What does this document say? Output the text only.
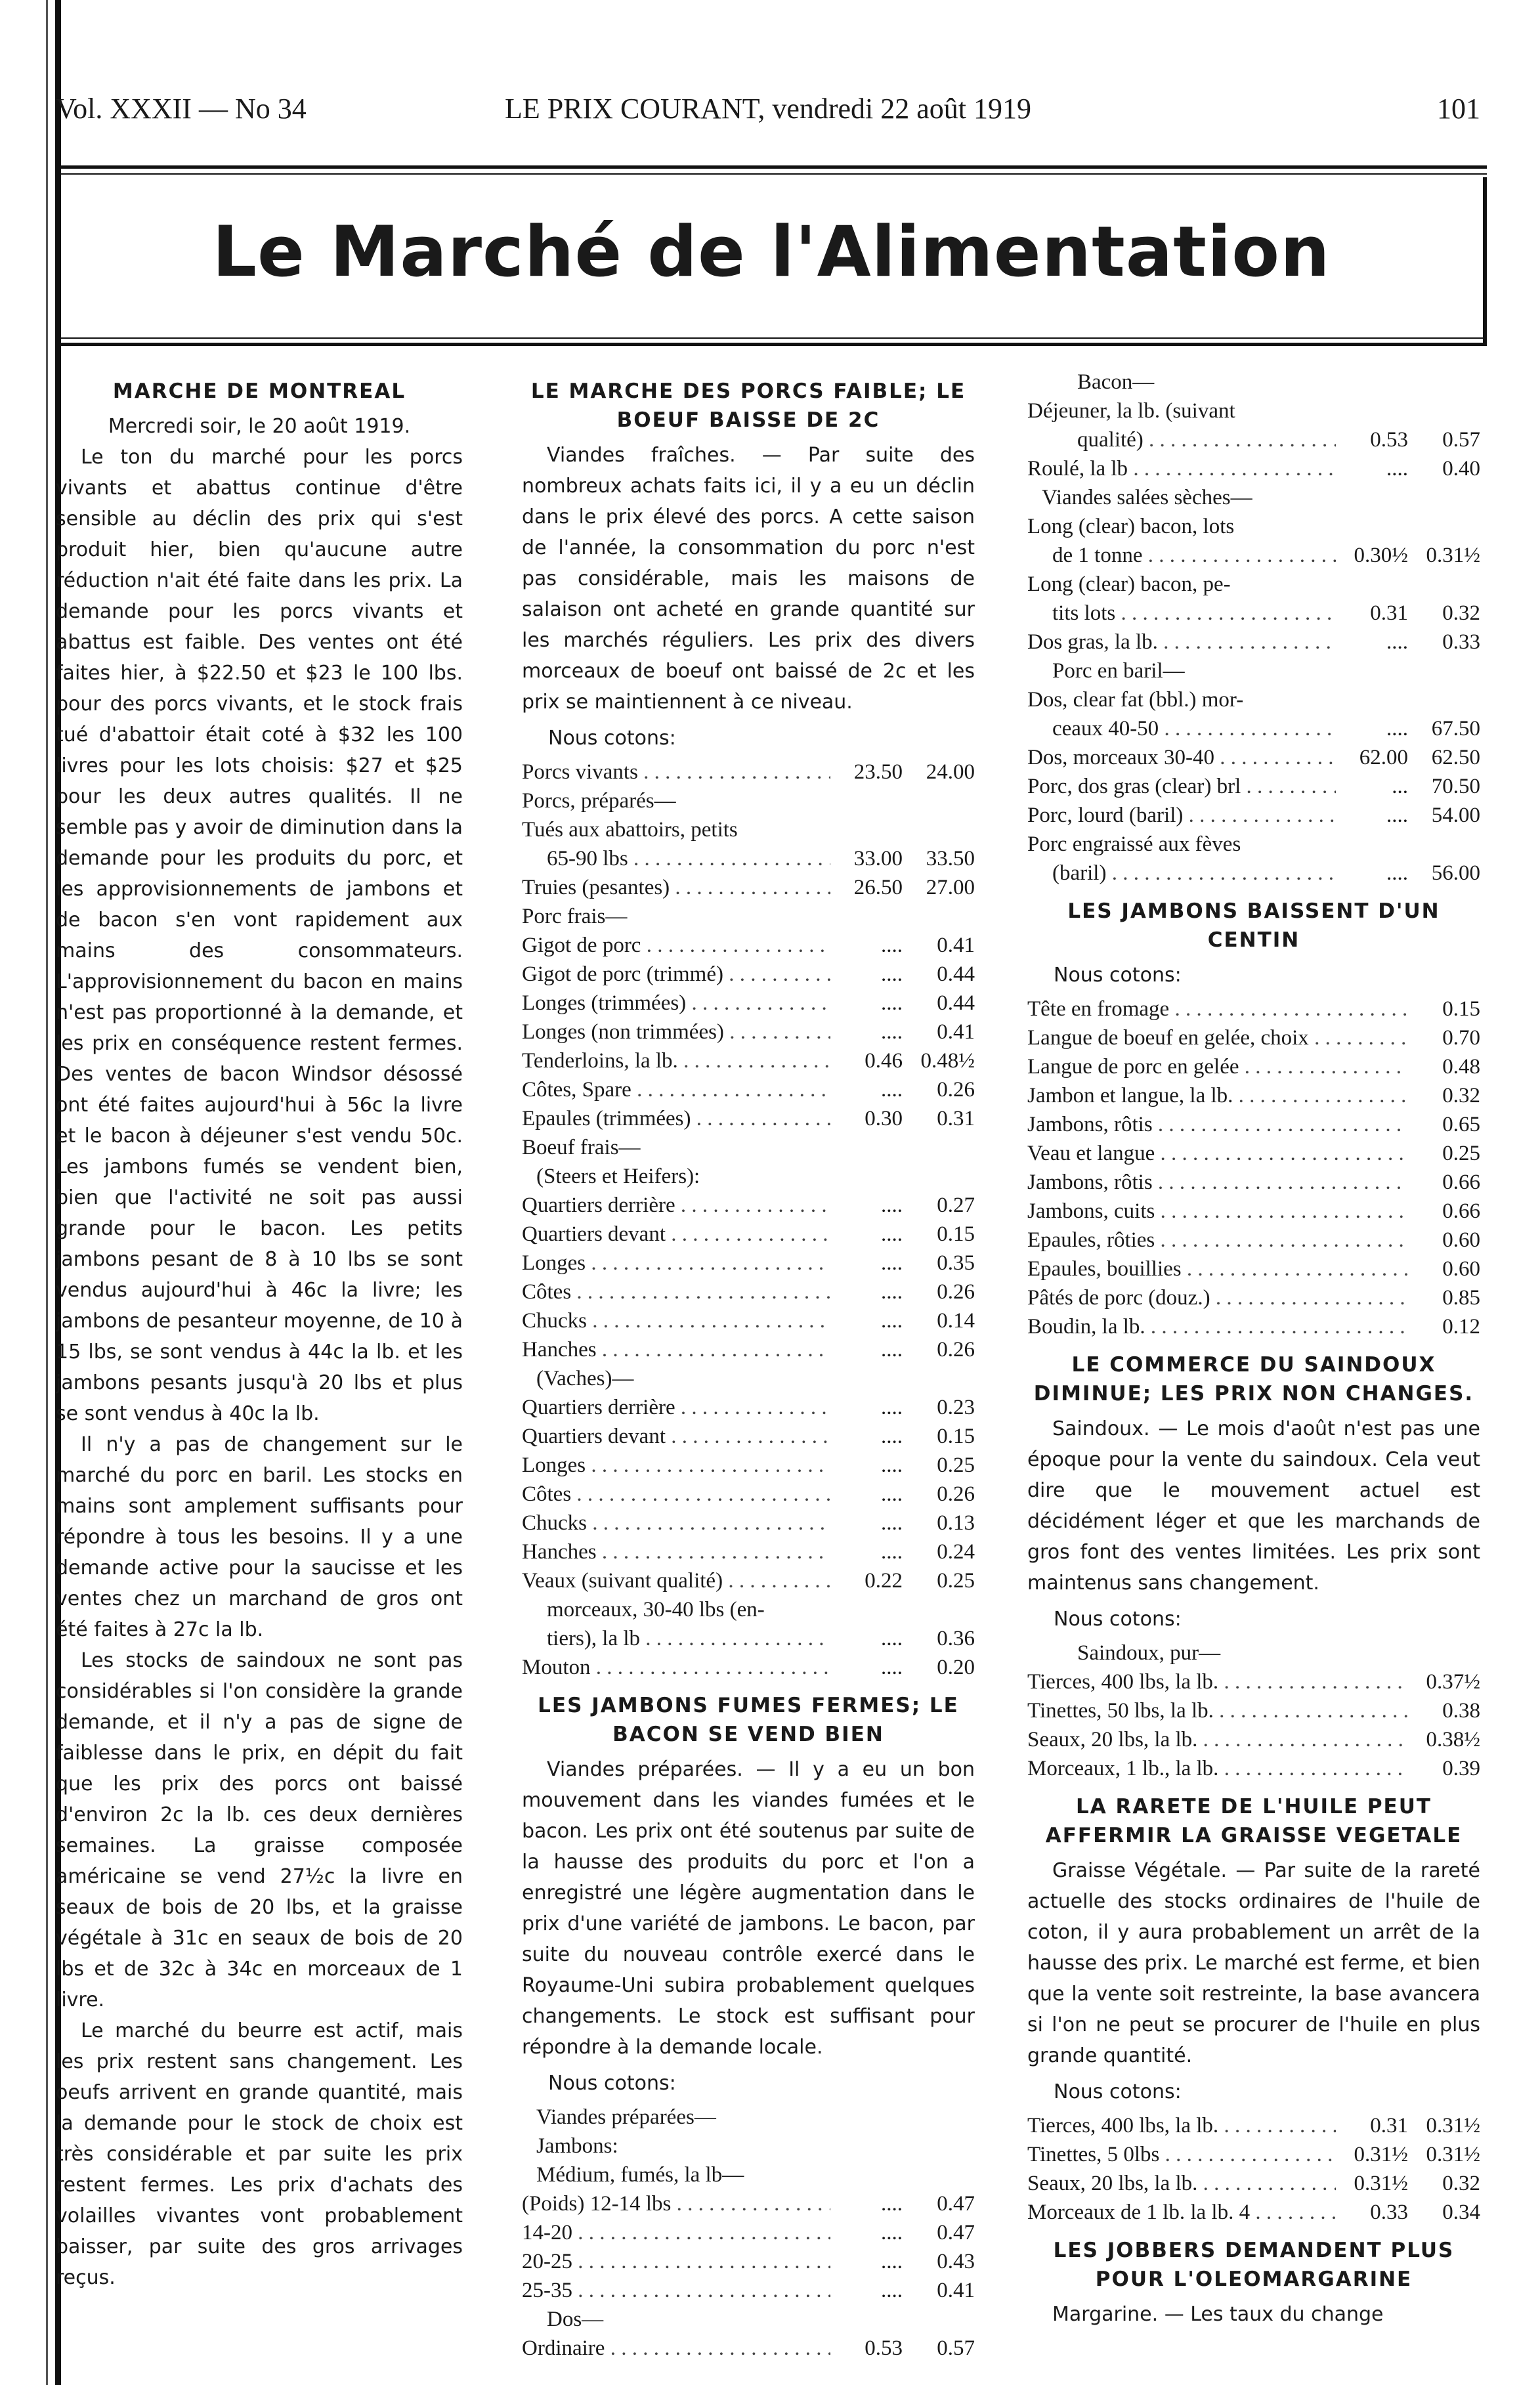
Vol. XXXII — No 34	LE PRIX COURANT, vendredi 22 août 1919	101
Le Marché de l'Alimentation
MARCHE DE MONTREAL
Mercredi soir, le 20 août 1919.

Le ton du marché pour les porcs vivants et abattus continue d'être sensible au déclin des prix qui s'est produit hier, bien qu'aucune autre réduction n'ait été faite dans les prix. La demande pour les porcs vivants et abattus est faible. Des ventes ont été faites hier, à $22.50 et $23 le 100 lbs. pour des porcs vivants, et le stock frais tué d'abattoir était coté à $32 les 100 livres pour les lots choisis: $27 et $25 pour les deux autres qualités. Il ne semble pas y avoir de diminution dans la demande pour les produits du porc, et les approvisionnements de jambons et de bacon s'en vont rapidement aux mains des consommateurs. L'approvisionnement du bacon en mains n'est pas proportionné à la demande, et les prix en conséquence restent fermes. Des ventes de bacon Windsor désossé ont été faites aujourd'hui à 56c la livre et le bacon à déjeuner s'est vendu 50c. Les jambons fumés se vendent bien, bien que l'activité ne soit pas aussi grande pour le bacon. Les petits jambons pesant de 8 à 10 lbs se sont vendus aujourd'hui à 46c la livre; les jambons de pesanteur moyenne, de 10 à 15 lbs, se sont vendus à 44c la lb. et les jambons pesants jusqu'à 20 lbs et plus se sont vendus à 40c la lb.

Il n'y a pas de changement sur le marché du porc en baril. Les stocks en mains sont amplement suffisants pour répondre à tous les besoins. Il y a une demande active pour la saucisse et les ventes chez un marchand de gros ont été faites à 27c la lb.

Les stocks de saindoux ne sont pas considérables si l'on considère la grande demande, et il n'y a pas de signe de faiblesse dans le prix, en dépit du fait que les prix des porcs ont baissé d'environ 2c la lb. ces deux dernières semaines. La graisse composée américaine se vend 27½c la livre en seaux de bois de 20 lbs, et la graisse végétale à 31c en seaux de bois de 20 lbs et de 32c à 34c en morceaux de 1 livre.

Le marché du beurre est actif, mais les prix restent sans changement. Les oeufs arrivent en grande quantité, mais la demande pour le stock de choix est très considérable et par suite les prix restent fermes. Les prix d'achats des volailles vivantes vont probablement baisser, par suite des gros arrivages reçus.

LE MARCHE DES PORCS FAIBLE; LE BOEUF BAISSE DE 2C

Viandes fraîches. — Par suite des nombreux achats faits ici, il y a eu un déclin dans le prix élevé des porcs. A cette saison de l'année, la consommation du porc n'est pas considérable, mais les maisons de salaison ont acheté en grande quantité sur les marchés réguliers. Les prix des divers morceaux de boeuf ont baissé de 2c et les prix se maintiennent à ce niveau.

Nous cotons:
Porcs vivants . . .	23.50	24.00
Porcs, préparés—
Tués aux abattoirs, petits
65-90 lbs . . .	33.00	33.50
Truies (pesantes) . . .	26.50	27.00
Porc frais—
Gigot de porc . . .	....	0.41
Gigot de porc (trimmé) . . .	....	0.44
Longes (trimmées) . . .	....	0.44
Longes (non trimmées) . . .	....	0.41
Tenderloins, la lb. . . .	0.46 0.48½
Côtes, Spare . . .	....	0.26
Epaules (trimmées) . . .	0.30	0.31
Boeuf frais—
(Steers et Heifers):
Quartiers derrière . . .	....	0.27
Quartiers devant . . .	....	0.15
Longes . . .	....	0.35
Côtes . . .	....	0.26
Chucks . . .	....	0.14
Hanches . . .	....	0.26
(Vaches)—
Quartiers derrière . . .	....	0.23
Quartiers devant . . .	....	0.15
Longes . . .	....	0.25
Côtes . . .	....	0.26
Chucks . . .	....	0.13
Hanches . . .	....	0.24
Veaux (suivant qualité) . . .	0.22	0.25
morceaux, 30-40 lbs (en-
tiers), la lb . . .	....	0.36
Mouton . . .	....	0.20
LES JAMBONS FUMES FERMES; LE BACON SE VEND BIEN

Viandes préparées. — Il y a eu un bon mouvement dans les viandes fumées et le bacon. Les prix ont été soutenus par suite de la hausse des produits du porc et l'on a enregistré une légère augmentation dans le prix d'une variété de jambons. Le bacon, par suite du nouveau contrôle exercé dans le Royaume-Uni subira probablement quelques changements. Le stock est suffisant pour répondre à la demande locale.

Nous cotons:
Viandes préparées—
Jambons:
Médium, fumés, la lb—
(Poids) 12-14 lbs . . .	....	0.47
14-20 . . .	....	0.47
20-25 . . .	....	0.43
25-35 . . .	....	0.41
Dos—
Ordinaire . . .	0.53	0.57
Bacon—
Déjeuner, la lb. (suivant
qualité) . . .	0.53	0.57
Roulé, la lb . . .	....	0.40
Viandes salées sèches—
Long (clear) bacon, lots
de 1 tonne . . .	0.30½ 0.31½
Long (clear) bacon, pe-
tits lots . . .	0.31	0.32
Dos gras, la lb. . . .	....	0.33
Porc en baril—
Dos, clear fat (bbl.) mor-
ceaux 40-50 . . .	....	67.50
Dos, morceaux 30-40 . . .	62.00	62.50
Porc, dos gras (clear) brl . . .	...	70.50
Porc, lourd (baril) . . .	....	54.00
Porc engraissé aux fèves
(baril) . . .	....	56.00
LES JAMBONS BAISSENT D'UN CENTIN
Nous cotons:
Tête en fromage . . .	0.15
Langue de boeuf en gelée, choix . . .	0.70
Langue de porc en gelée . . .	0.48
Jambon et langue, la lb. . . .	0.32
Jambons, rôtis . . .	0.65
Veau et langue . . .	0.25
Jambons, rôtis . . .	0.66
Jambons, cuits . . .	0.66
Epaules, rôties . . .	0.60
Epaules, bouillies . . .	0.60
Pâtés de porc (douz.) . . .	0.85
Boudin, la lb. . . .	0.12
LE COMMERCE DU SAINDOUX DIMINUE; LES PRIX NON CHANGES.

Saindoux. — Le mois d'août n'est pas une époque pour la vente du saindoux. Cela veut dire que le mouvement actuel est décidément léger et que les marchands de gros font des ventes limitées. Les prix sont maintenus sans changement.

Nous cotons:
Saindoux, pur—
Tierces, 400 lbs, la lb. . . .	0.37½
Tinettes, 50 lbs, la lb. . . .	0.38
Seaux, 20 lbs, la lb. . . .	0.38½
Morceaux, 1 lb., la lb. . . .	0.39
LA RARETE DE L'HUILE PEUT AFFERMIR LA GRAISSE VEGETALE

Graisse Végétale. — Par suite de la rareté actuelle des stocks ordinaires de l'huile de coton, il y aura probablement un arrêt de la hausse des prix. Le marché est ferme, et bien que la vente soit restreinte, la base avancera si l'on ne peut se procurer de l'huile en plus grande quantité.

Nous cotons:
Tierces, 400 lbs, la lb. . . .	0.31 0.31½
Tinettes, 5 0lbs . . .	0.31½ 0.31½
Seaux, 20 lbs, la lb. . . .	0.31½	0.32
Morceaux de 1 lb. la lb. 4 . . .	0.33	0.34
LES JOBBERS DEMANDENT PLUS POUR L'OLEOMARGARINE

Margarine. — Les taux du change
